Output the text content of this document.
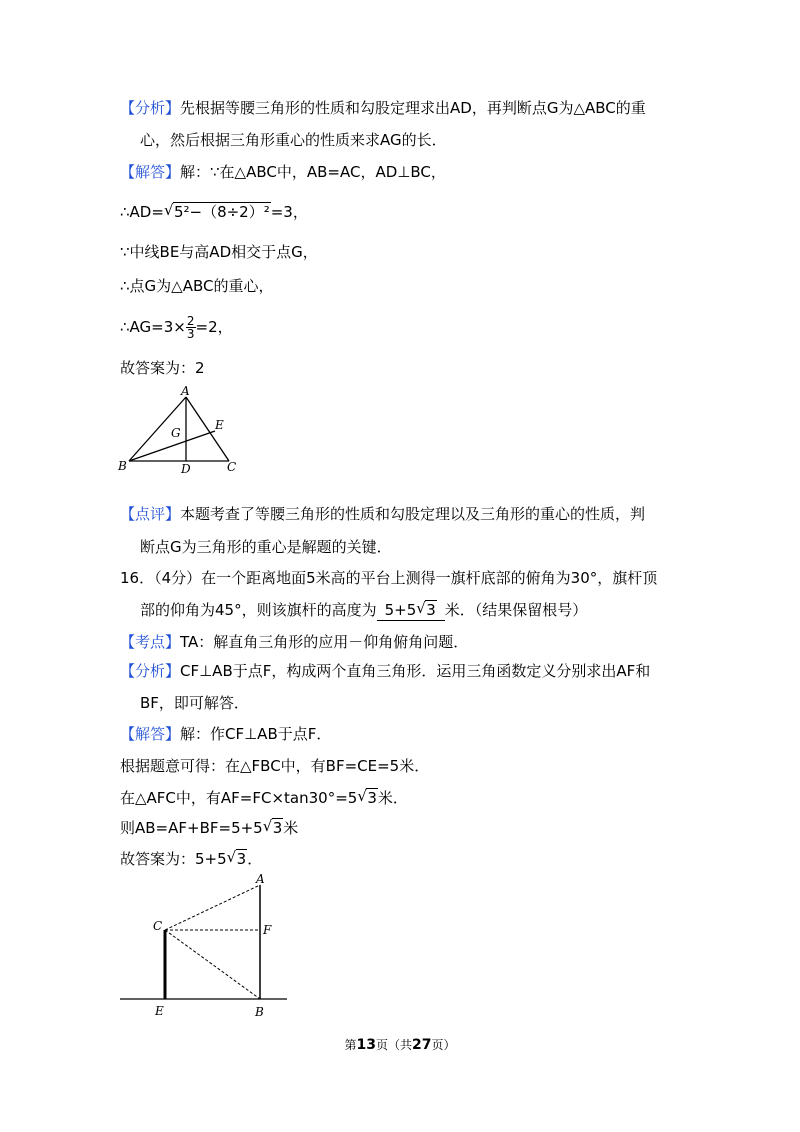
【分析】先根据等腰三角形的性质和勾股定理求出AD，再判断点G为△ABC的重
心，然后根据三角形重心的性质来求AG的长．
【解答】解：∵在△ABC中，AB=AC，AD⊥BC，
∴AD= √ 5²−（8÷2）²=3，
∵中线BE与高AD相交于点G，
∴点G为△ABC的重心，
∴AG=3× $\frac{2}{3} =2$，
故答案为：2
A
B	C
D
E
G
【点评】本题考查了等腰三角形的性质和勾股定理以及三角形的重心的性质，判
断点G为三角形的重心是解题的关键．
16．（4分）在一个距离地面5米高的平台上测得一旗杆底部的俯角为30°，旗杆顶
部的仰角为45°，则该旗杆的高度为 5+5 √ 3 米．（结果保留根号）
【考点】TA：解直角三角形的应用－仰角俯角问题．
【分析】CF⊥AB于点F，构成两个直角三角形．运用三角函数定义分别求出AF和
BF，即可解答．
【解答】解：作CF⊥AB于点F．
根据题意可得：在△FBC中，有BF=CE=5米．
在△AFC中，有AF=FC×tan30°=5 √ 3米．
则AB=AF+BF=5+5 √ 3米
故答案为：5+5 √ 3．
A
C	F
E	B
第13页（共27页）
